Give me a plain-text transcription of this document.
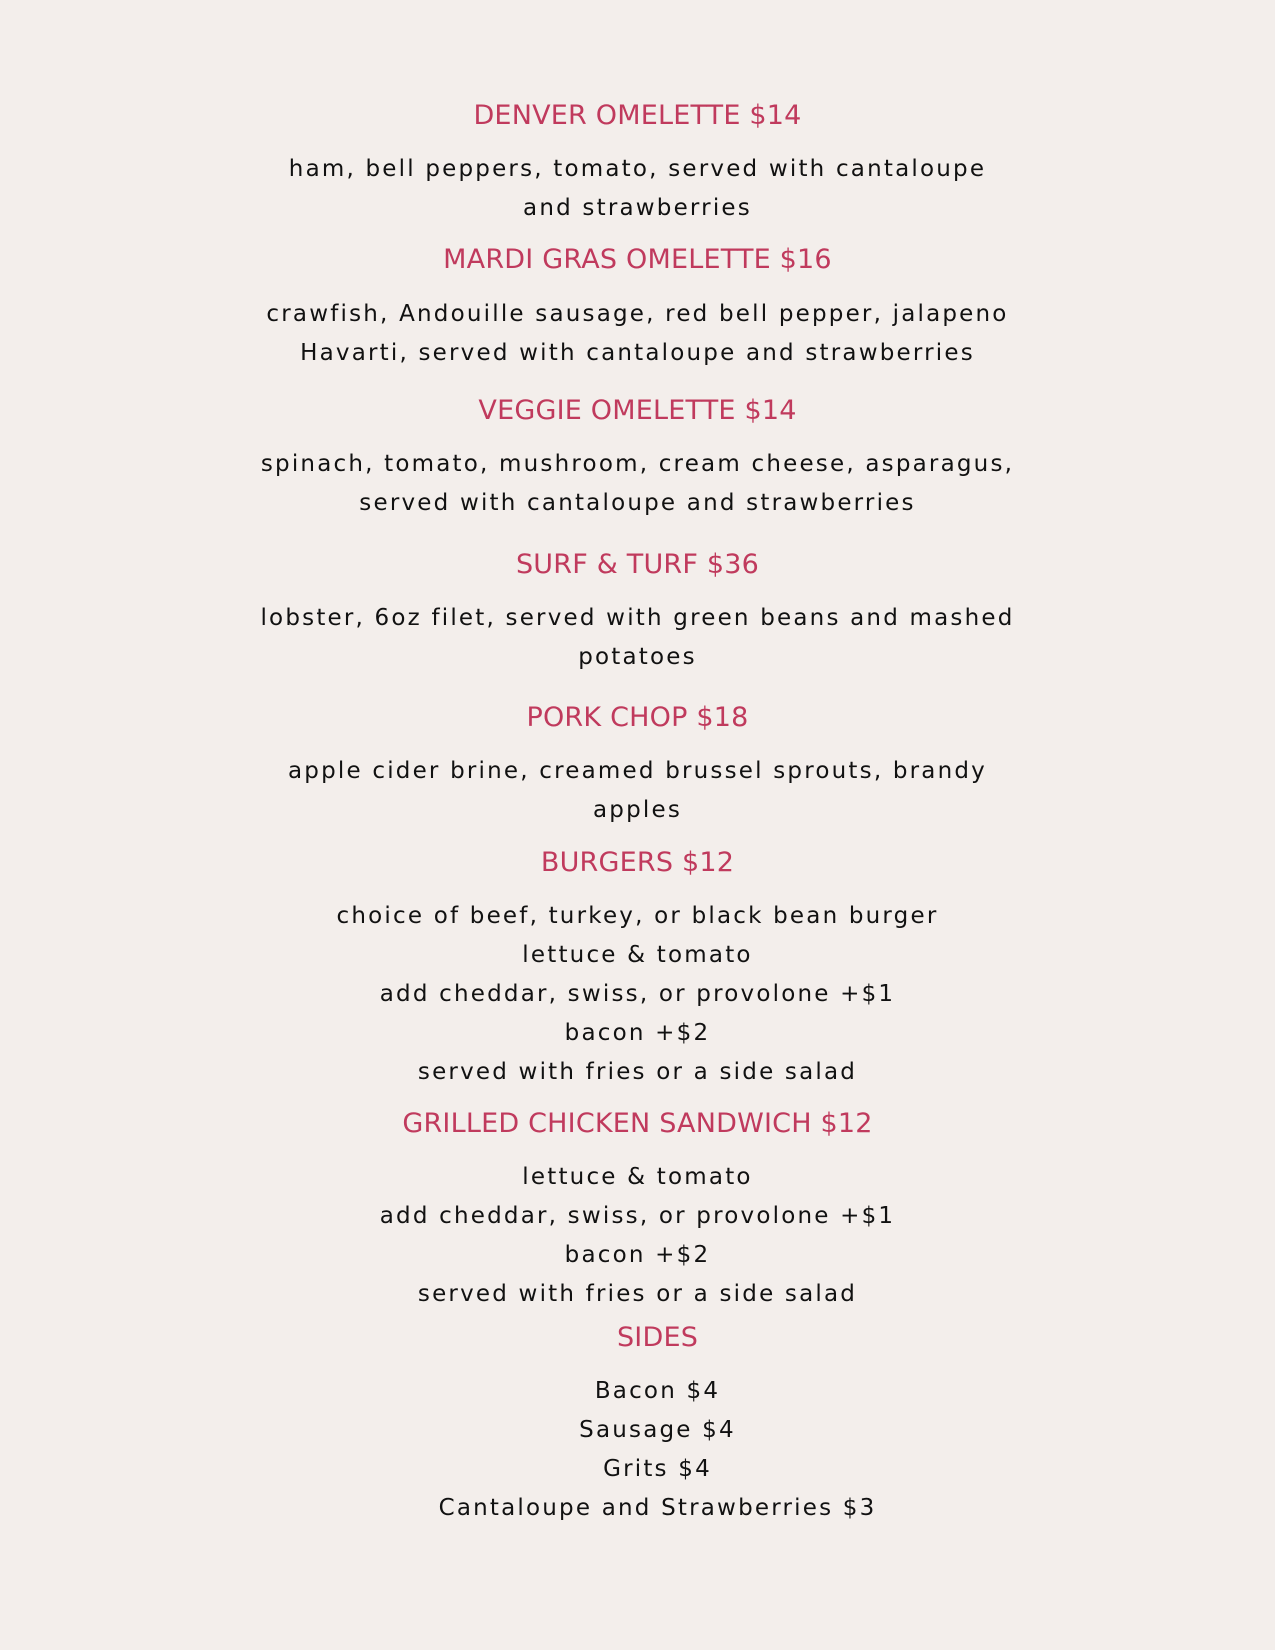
DENVER OMELETTE $14
ham, bell peppers, tomato, served with cantaloupe
and strawberries
MARDI GRAS OMELETTE $16
crawfish, Andouille sausage, red bell pepper, jalapeno
Havarti, served with cantaloupe and strawberries
VEGGIE OMELETTE $14
spinach, tomato, mushroom, cream cheese, asparagus,
served with cantaloupe and strawberries
SURF & TURF $36
lobster, 6oz filet, served with green beans and mashed
potatoes
PORK CHOP $18
apple cider brine, creamed brussel sprouts, brandy
apples
BURGERS $12
choice of beef, turkey, or black bean burger
lettuce & tomato
add cheddar, swiss, or provolone +$1
bacon +$2
served with fries or a side salad
GRILLED CHICKEN SANDWICH $12
lettuce & tomato
add cheddar, swiss, or provolone +$1
bacon +$2
served with fries or a side salad
SIDES
Bacon $4
Sausage $4
Grits $4
Cantaloupe and Strawberries $3
